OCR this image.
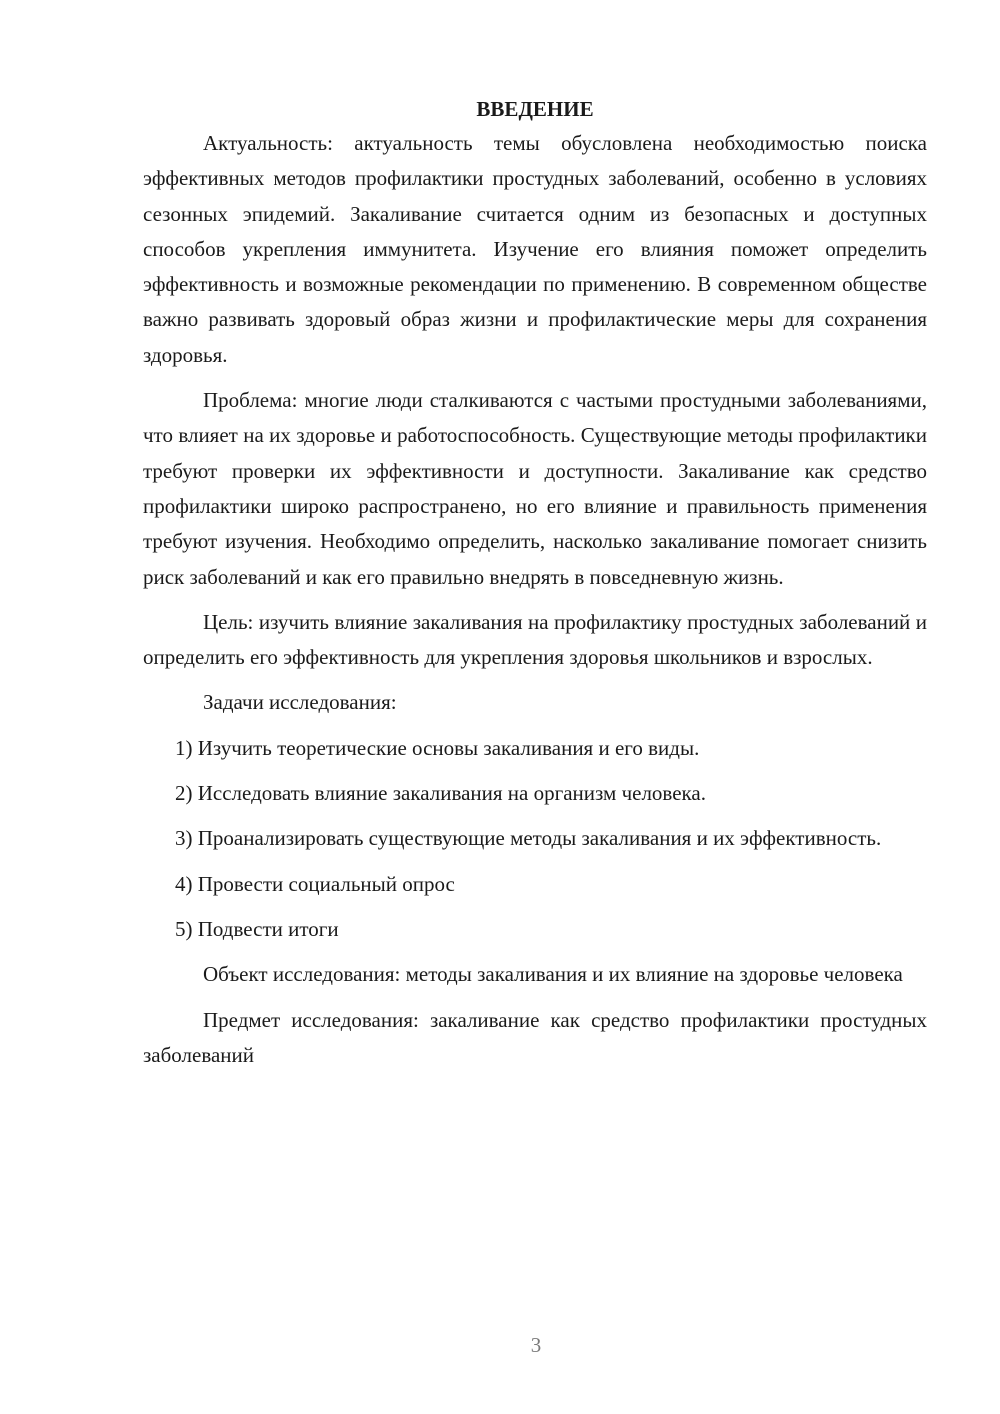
ВВЕДЕНИЕ

Актуальность: актуальность темы обусловлена необходимостью поиска эффективных методов профилактики простудных заболеваний, особенно в условиях сезонных эпидемий. Закаливание считается одним из безопасных и доступных способов укрепления иммунитета. Изучение его влияния поможет определить эффективность и возможные рекомендации по применению. В современном обществе важно развивать здоровый образ жизни и профилактические меры для сохранения здоровья.

Проблема: многие люди сталкиваются с частыми простудными заболеваниями, что влияет на их здоровье и работоспособность. Существующие методы профилактики требуют проверки их эффективности и доступности. Закаливание как средство профилактики широко распространено, но его влияние и правильность применения требуют изучения. Необходимо определить, насколько закаливание помогает снизить риск заболеваний и как его правильно внедрять в повседневную жизнь.

Цель: изучить влияние закаливания на профилактику простудных заболеваний и определить его эффективность для укрепления здоровья школьников и взрослых.

Задачи исследования:

1) Изучить теоретические основы закаливания и его виды.

2) Исследовать влияние закаливания на организм человека.

3) Проанализировать существующие методы закаливания и их эффективность.

4) Провести социальный опрос

5) Подвести итоги

Объект исследования: методы закаливания и их влияние на здоровье человека

Предмет исследования: закаливание как средство профилактики простудных заболеваний

3
